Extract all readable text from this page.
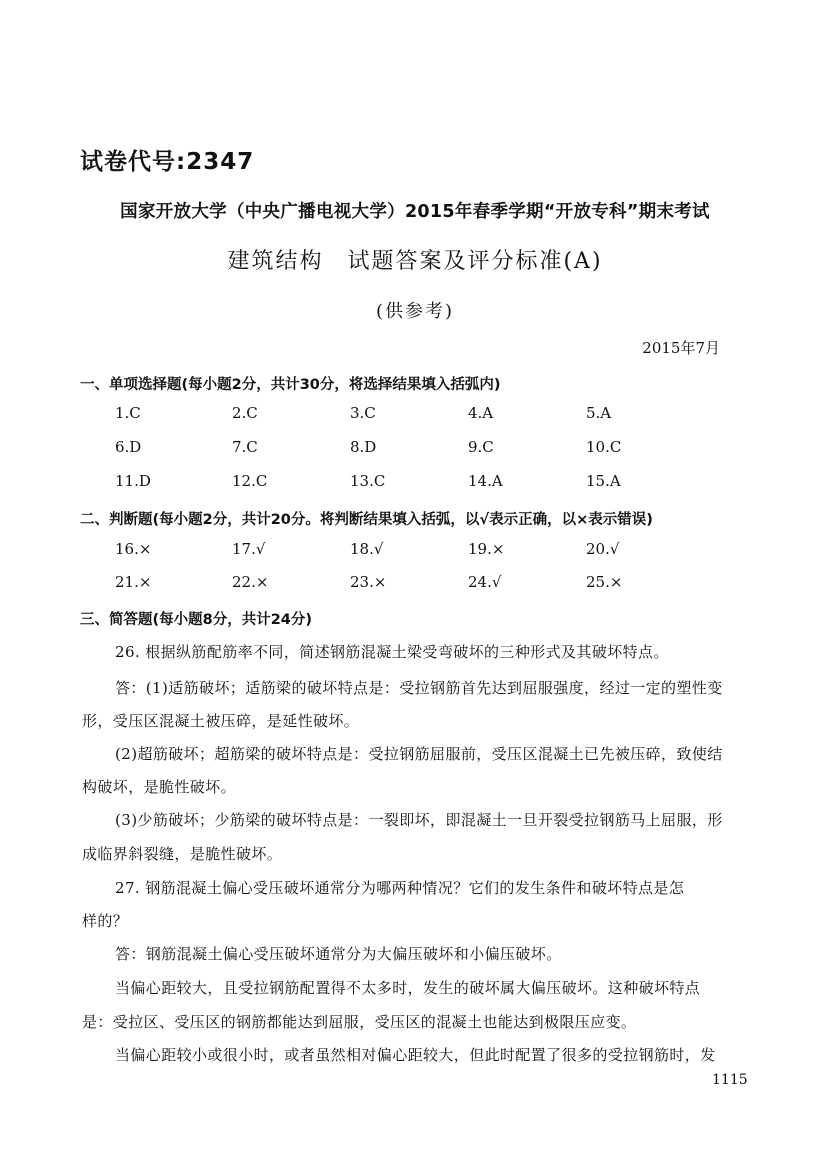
试卷代号:2347
国家开放大学（中央广播电视大学）2015年春季学期“开放专科”期末考试
建筑结构　试题答案及评分标准(A)
(供参考)
2015年7月
一、单项选择题(每小题2分，共计30分，将选择结果填入括弧内)
1.C	2.C	3.C	4.A	5.A
6.D	7.C	8.D	9.C	10.C
11.D	12.C	13.C	14.A	15.A
二、判断题(每小题2分，共计20分。将判断结果填入括弧，以√表示正确，以×表示错误)
16.×	17.√	18.√	19.×	20.√
21.×	22.×	23.×	24.√	25.×
三、简答题(每小题8分，共计24分)
26. 根据纵筋配筋率不同，简述钢筋混凝土梁受弯破坏的三种形式及其破坏特点。
答：(1)适筋破坏；适筋梁的破坏特点是：受拉钢筋首先达到屈服强度，经过一定的塑性变
形，受压区混凝土被压碎，是延性破坏。
(2)超筋破坏；超筋梁的破坏特点是：受拉钢筋屈服前，受压区混凝土已先被压碎，致使结
构破坏，是脆性破坏。
(3)少筋破坏；少筋梁的破坏特点是：一裂即坏，即混凝土一旦开裂受拉钢筋马上屈服，形
成临界斜裂缝，是脆性破坏。
27. 钢筋混凝土偏心受压破坏通常分为哪两种情况？它们的发生条件和破坏特点是怎
样的？
答：钢筋混凝土偏心受压破坏通常分为大偏压破坏和小偏压破坏。
当偏心距较大，且受拉钢筋配置得不太多时，发生的破坏属大偏压破坏。这种破坏特点
是：受拉区、受压区的钢筋都能达到屈服，受压区的混凝土也能达到极限压应变。
当偏心距较小或很小时，或者虽然相对偏心距较大，但此时配置了很多的受拉钢筋时，发
1115
